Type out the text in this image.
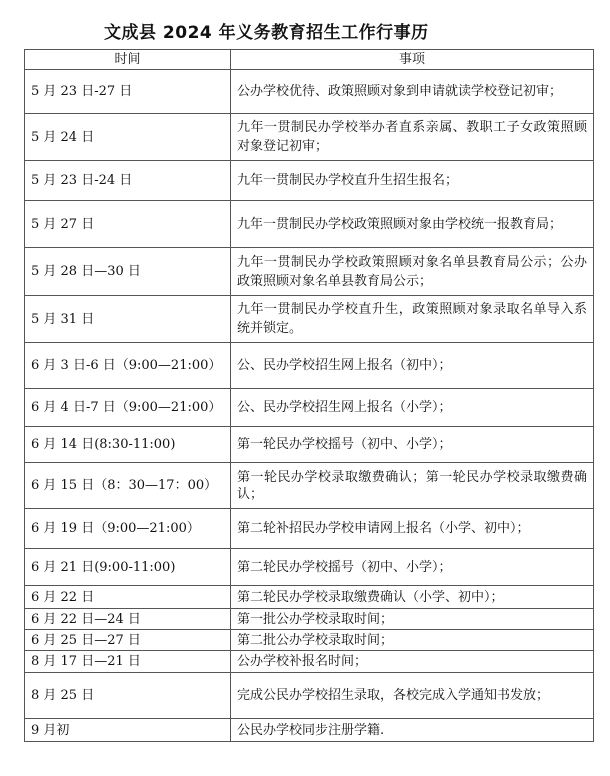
文成县 2024 年义务教育招生工作行事历
时间	事项
5 月 23 日-27 日	公办学校优待、政策照顾对象到申请就读学校登记初审；
5 月 24 日	九年一贯制民办学校举办者直系亲属、教职工子女政策照顾对象登记初审；
5 月 23 日-24 日	九年一贯制民办学校直升生招生报名；
5 月 27 日	九年一贯制民办学校政策照顾对象由学校统一报教育局；
5 月 28 日—30 日	九年一贯制民办学校政策照顾对象名单县教育局公示；公办政策照顾对象名单县教育局公示；
5 月 31 日	九年一贯制民办学校直升生，政策照顾对象录取名单导入系统并锁定。
6 月 3 日-6 日（9:00—21:00）	公、民办学校招生网上报名（初中）；
6 月 4 日-7 日（9:00—21:00）	公、民办学校招生网上报名（小学）；
6 月 14 日(8:30-11:00)	第一轮民办学校摇号（初中、小学）；
6 月 15 日（8：30—17：00）	第一轮民办学校录取缴费确认；第一轮民办学校录取缴费确认；
6 月 19 日（9:00—21:00）	第二轮补招民办学校申请网上报名（小学、初中）；
6 月 21 日(9:00-11:00)	第二轮民办学校摇号（初中、小学）；
6 月 22 日	第二轮民办学校录取缴费确认（小学、初中）；
6 月 22 日—24 日	第一批公办学校录取时间；
6 月 25 日—27 日	第二批公办学校录取时间；
8 月 17 日—21 日	公办学校补报名时间；
8 月 25 日	完成公民办学校招生录取，各校完成入学通知书发放；
9 月初	公民办学校同步注册学籍.
